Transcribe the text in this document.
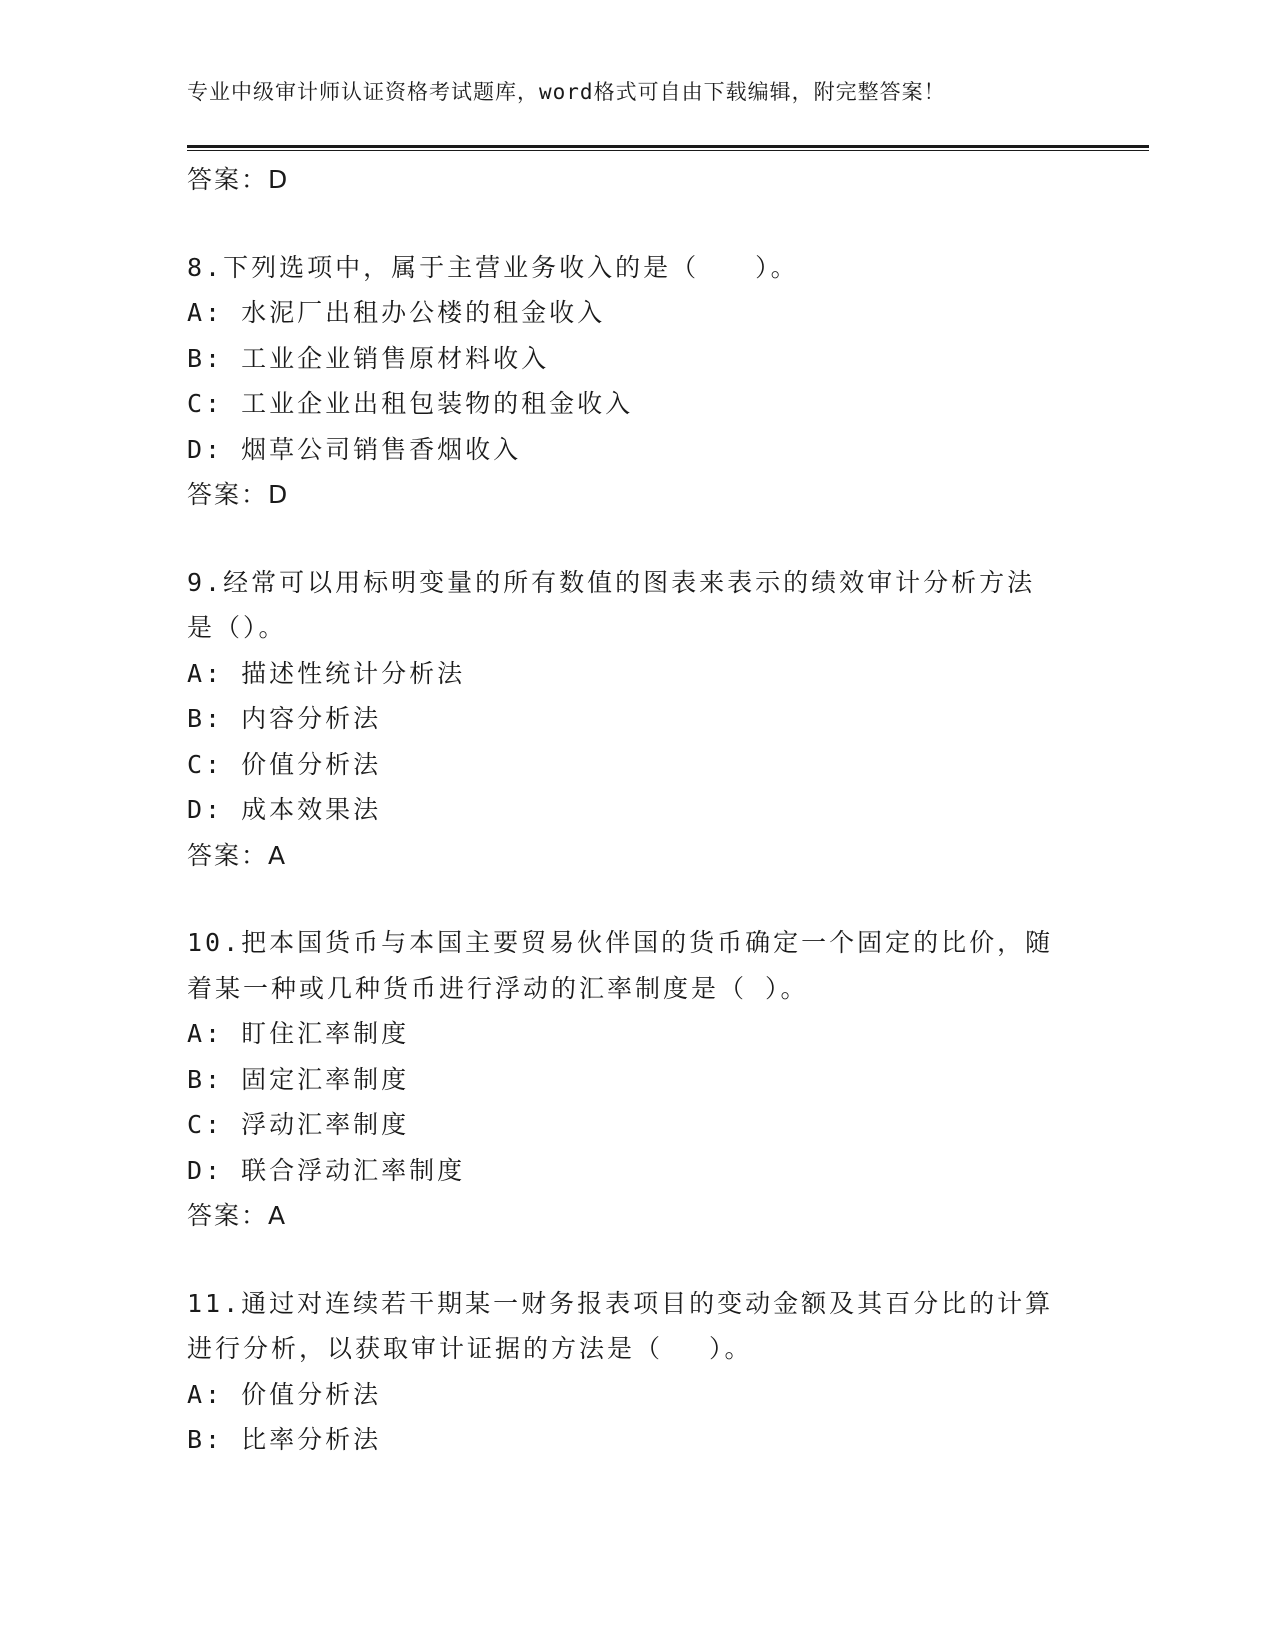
专业中级审计师认证资格考试题库，word格式可自由下载编辑，附完整答案！
答案：D
8.下列选项中，属于主营业务收入的是（　　）。
A: 水泥厂出租办公楼的租金收入
B: 工业企业销售原材料收入
C: 工业企业出租包装物的租金收入
D: 烟草公司销售香烟收入
答案：D
9.经常可以用标明变量的所有数值的图表来表示的绩效审计分析方法
是（）。
A: 描述性统计分析法
B: 内容分析法
C: 价值分析法
D: 成本效果法
答案：A
10.把本国货币与本国主要贸易伙伴国的货币确定一个固定的比价，随
着某一种或几种货币进行浮动的汇率制度是（ ）。
A: 盯住汇率制度
B: 固定汇率制度
C: 浮动汇率制度
D: 联合浮动汇率制度
答案：A
11.通过对连续若干期某一财务报表项目的变动金额及其百分比的计算
进行分析，以获取审计证据的方法是（　 ）。
A: 价值分析法
B: 比率分析法
